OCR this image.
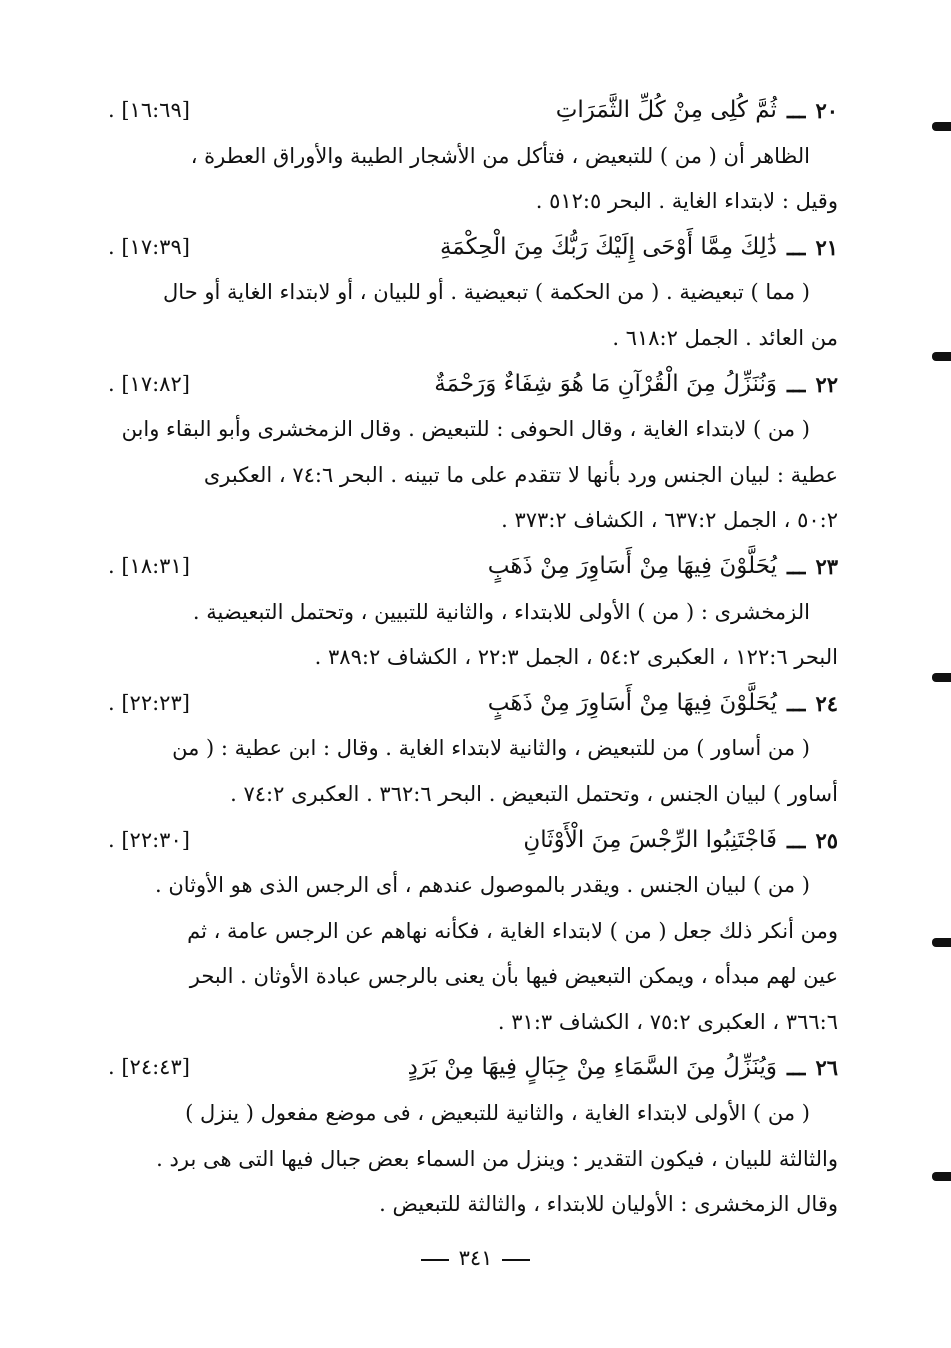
٢٠
ـــ
ثُمَّ كُلِى مِنْ كُلِّ الثَّمَرَاتِ
[١٦:٦٩] .
الظاهر أن ( من ) للتبعيض ، فتأكل من الأشجار الطيبة والأوراق العطرة ،
وقيل : لابتداء الغاية . البحر ٥١٢:٥ .
٢١
ـــ
ذَٰلِكَ مِمَّا أَوْحَى إِلَيْكَ رَبُّكَ مِنَ الْحِكْمَةِ
[١٧:٣٩] .
( مما ) تبعيضية . ( من الحكمة ) تبعيضية . أو للبيان ، أو لابتداء الغاية أو حال
من العائد . الجمل ٦١٨:٢ .
٢٢
ـــ
وَنُنَزِّلُ مِنَ الْقُرْآنِ مَا هُوَ شِفَاءٌ وَرَحْمَةٌ
[١٧:٨٢] .
( من ) لابتداء الغاية ، وقال الحوفى : للتبعيض . وقال الزمخشرى وأبو البقاء وابن
عطية : لبيان الجنس ورد بأنها لا تتقدم على ما تبينه . البحر ٧٤:٦ ، العكبرى
٥٠:٢ ، الجمل ٦٣٧:٢ ، الكشاف ٣٧٣:٢ .
٢٣
ـــ
يُحَلَّوْنَ فِيهَا مِنْ أَسَاوِرَ مِنْ ذَهَبٍ
[١٨:٣١] .
الزمخشرى : ( من ) الأولى للابتداء ، والثانية للتبيين ، وتحتمل التبعيضية .
البحر ١٢٢:٦ ، العكبرى ٥٤:٢ ، الجمل ٢٢:٣ ، الكشاف ٣٨٩:٢ .
٢٤
ـــ
يُحَلَّوْنَ فِيهَا مِنْ أَسَاوِرَ مِنْ ذَهَبٍ
[٢٢:٢٣] .
( من أساور ) من للتبعيض ، والثانية لابتداء الغاية . وقال : ابن عطية : ( من
أساور ) لبيان الجنس ، وتحتمل التبعيض . البحر ٣٦٢:٦ . العكبرى ٧٤:٢ .
٢٥
ـــ
فَاجْتَنِبُوا الرِّجْسَ مِنَ الْأَوْثَانِ
[٢٢:٣٠] .
( من ) لبيان الجنس . ويقدر بالموصول عندهم ، أى الرجس الذى هو الأوثان .
ومن أنكر ذلك جعل ( من ) لابتداء الغاية ، فكأنه نهاهم عن الرجس عامة ، ثم
عين لهم مبدأه ، ويمكن التبعيض فيها بأن يعنى بالرجس عبادة الأوثان . البحر
٣٦٦:٦ ، العكبرى ٧٥:٢ ، الكشاف ٣١:٣ .
٢٦
ـــ
وَيُنَزِّلُ مِنَ السَّمَاءِ مِنْ جِبَالٍ فِيهَا مِنْ بَرَدٍ
[٢٤:٤٣] .
( من ) الأولى لابتداء الغاية ، والثانية للتبعيض ، فى موضع مفعول ( ينزل )
والثالثة للبيان ، فيكون التقدير : وينزل من السماء بعض جبال فيها التى هى برد .
وقال الزمخشرى : الأوليان للابتداء ، والثالثة للتبعيض .
٣٤١
